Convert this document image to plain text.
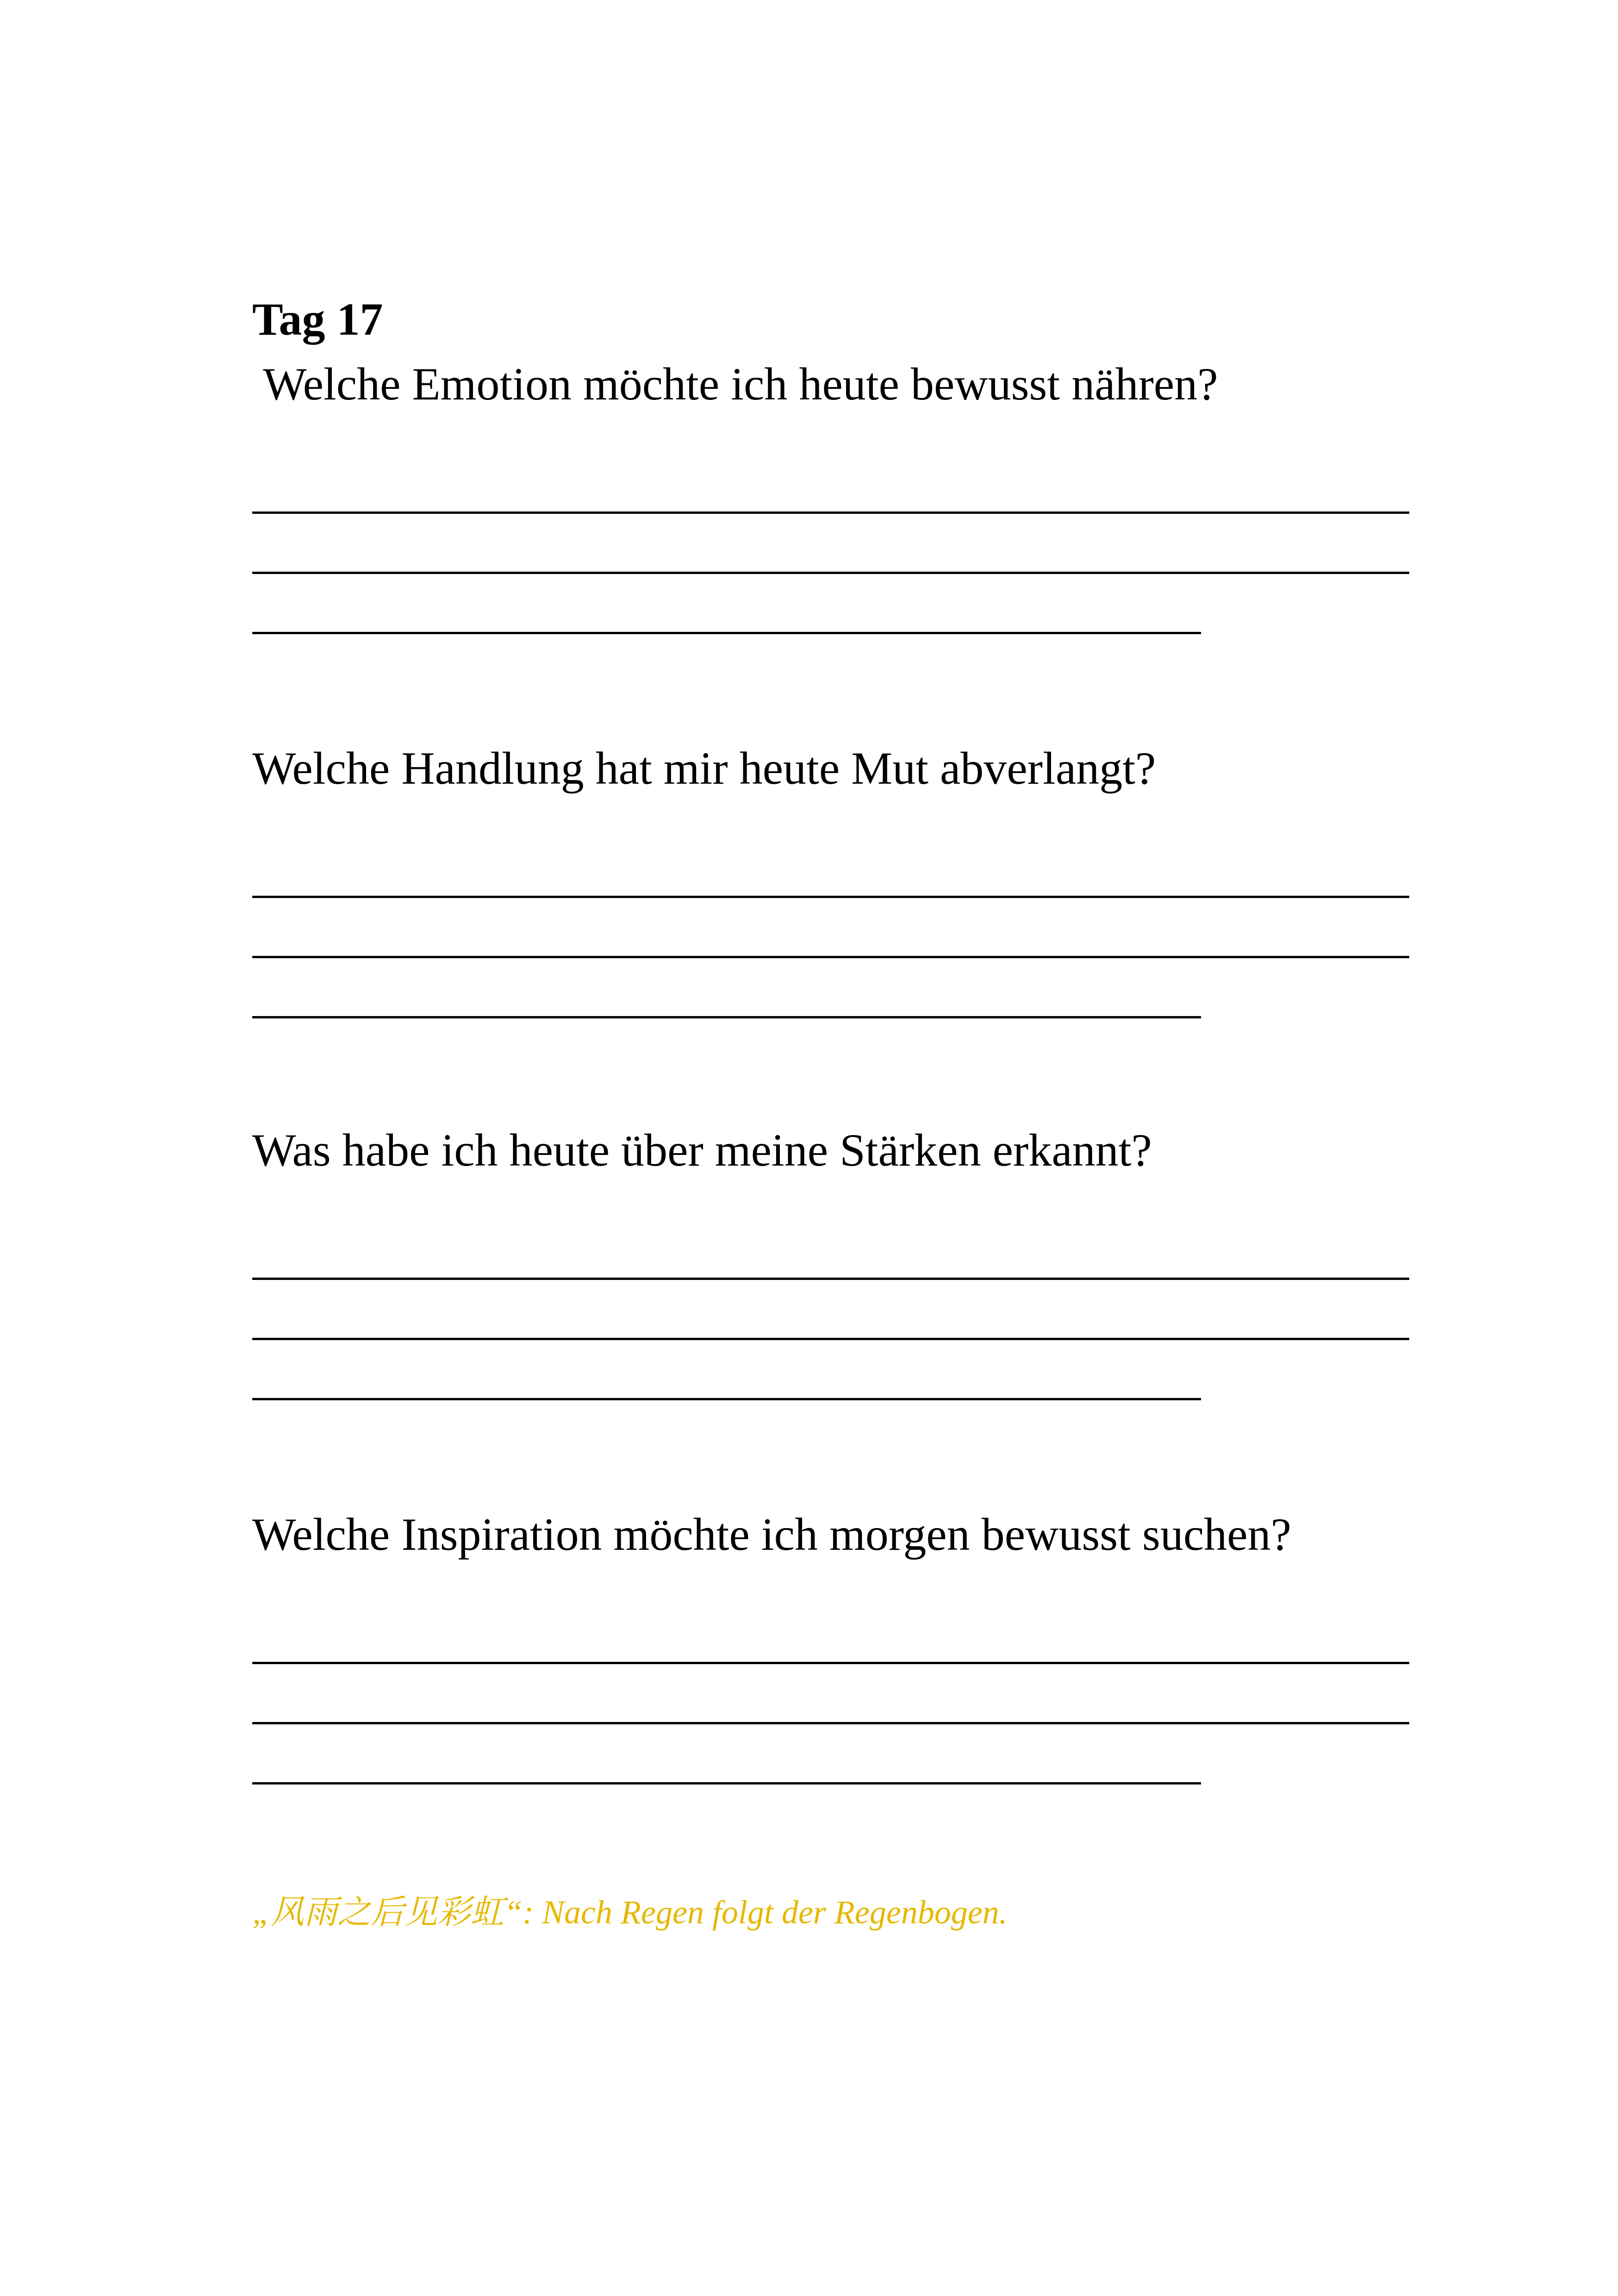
Tag 17

Welche Emotion möchte ich heute bewusst nähren?

Welche Handlung hat mir heute Mut abverlangt?

Was habe ich heute über meine Stärken erkannt?

Welche Inspiration möchte ich morgen bewusst suchen?

„风雨之后见彩虹“: Nach Regen folgt der Regenbogen.
